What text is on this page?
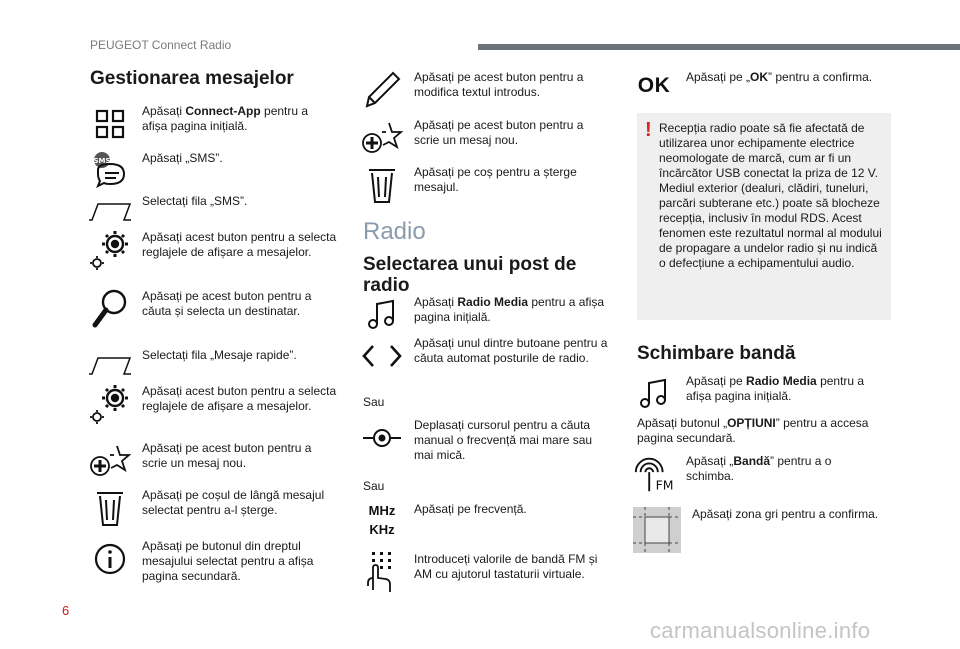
PEUGEOT Connect Radio
Gestionarea mesajelor
Apăsați Connect-App pentru a afișa pagina inițială.
SMS	Apăsați „SMS”.
Selectați fila „SMS”.
Apăsați acest buton pentru a selecta reglajele de afișare a mesajelor.
Apăsați pe acest buton pentru a căuta și selecta un destinatar.
Selectați fila „Mesaje rapide”.
Apăsați acest buton pentru a selecta reglajele de afișare a mesajelor.
Apăsați pe acest buton pentru a scrie un mesaj nou.
Apăsați pe coșul de lângă mesajul selectat pentru a-l șterge.
Apăsați pe butonul din dreptul mesajului selectat pentru a afișa pagina secundară.
Apăsați pe acest buton pentru a modifica textul introdus.
Apăsați pe acest buton pentru a scrie un mesaj nou.
Apăsați pe coș pentru a șterge mesajul.
Radio
Selectarea unui post de radio
Apăsați Radio Media pentru a afișa pagina inițială.
Apăsați unul dintre butoane pentru a căuta automat posturile de radio.
Sau
Deplasați cursorul pentru a căuta manual o frecvență mai mare sau mai mică.
Sau
MHz
KHz
Apăsați pe frecvență.
Introduceți valorile de bandă FM și AM cu ajutorul tastaturii virtuale.
OK Apăsați pe „OK” pentru a confirma.
! Recepția radio poate să fie afectată de utilizarea unor echipamente electrice neomologate de marcă, cum ar fi un încărcător USB conectat la priza de 12 V. Mediul exterior (dealuri, clădiri, tuneluri, parcări subterane etc.) poate să blocheze recepția, inclusiv în modul RDS. Acest fenomen este rezultatul normal al modului de propagare a undelor radio și nu indică o defecțiune a echipamentului audio.
Schimbare bandă
Apăsați pe Radio Media pentru a afișa pagina inițială.
Apăsați butonul „OPȚIUNI” pentru a accesa pagina secundară.
FM
Apăsați „Bandă” pentru a o schimba.
Apăsați zona gri pentru a confirma.
6
carmanualsonline.info
